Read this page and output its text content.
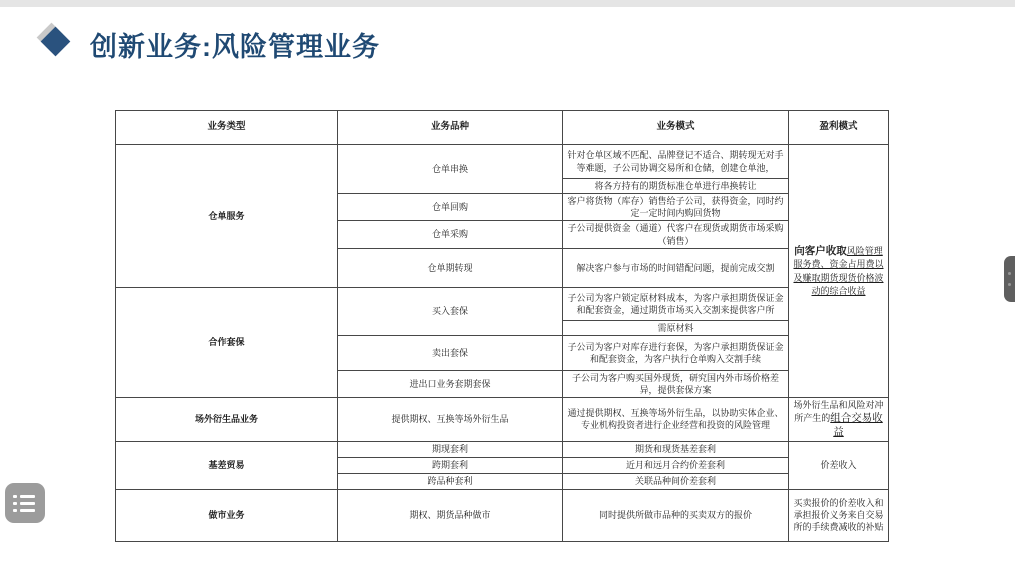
创新业务:风险管理业务
业务类型	业务品种	业务模式	盈利模式
仓单服务	仓单串换	针对仓单区域不匹配、品牌登记不适合、期转现无对手等难题，子公司协调交易所和仓储，创建仓单池，	向客户收取风险管理 服务费、资金占用费以及赚取期货现货价格波动的综合收益
		将各方持有的期货标准仓单进行串换转让	
	仓单回购	客户将货物（库存）销售给子公司，获得资金，同时约定一定时间内购回货物	
	仓单采购	子公司提供资金（通道）代客户在现货或期货市场采购（销售）	
	仓单期转现	解决客户参与市场的时间错配问题，提前完成交割	
合作套保	买入套保	子公司为客户锁定原材料成本，为客户承担期货保证金和配套资金，通过期货市场买入交割来提供客户所	
		需原材料	
	卖出套保	子公司为客户对库存进行套保，为客户承担期货保证金和配套资金，为客户执行仓单购入交割手续	
	进出口业务套期套保	子公司为客户购买国外现货，研究国内外市场价格差异，提供套保方案	
场外衍生品业务	提供期权、互换等场外衍生品	通过提供期权、互换等场外衍生品，以协助实体企业、专业机构投资者进行企业经营和投资的风险管理	场外衍生品和风险对冲所产生的组合交易收益
基差贸易	期现套利	期货和现货基差套利	价差收入
	跨期套利	近月和远月合约价差套利	
	跨品种套利	关联品种间价差套利	
做市业务	期权、期货品种做市	同时提供所做市品种的买卖双方的报价	买卖报价的价差收入和承担报价义务来自交易所的手续费减收的补贴
